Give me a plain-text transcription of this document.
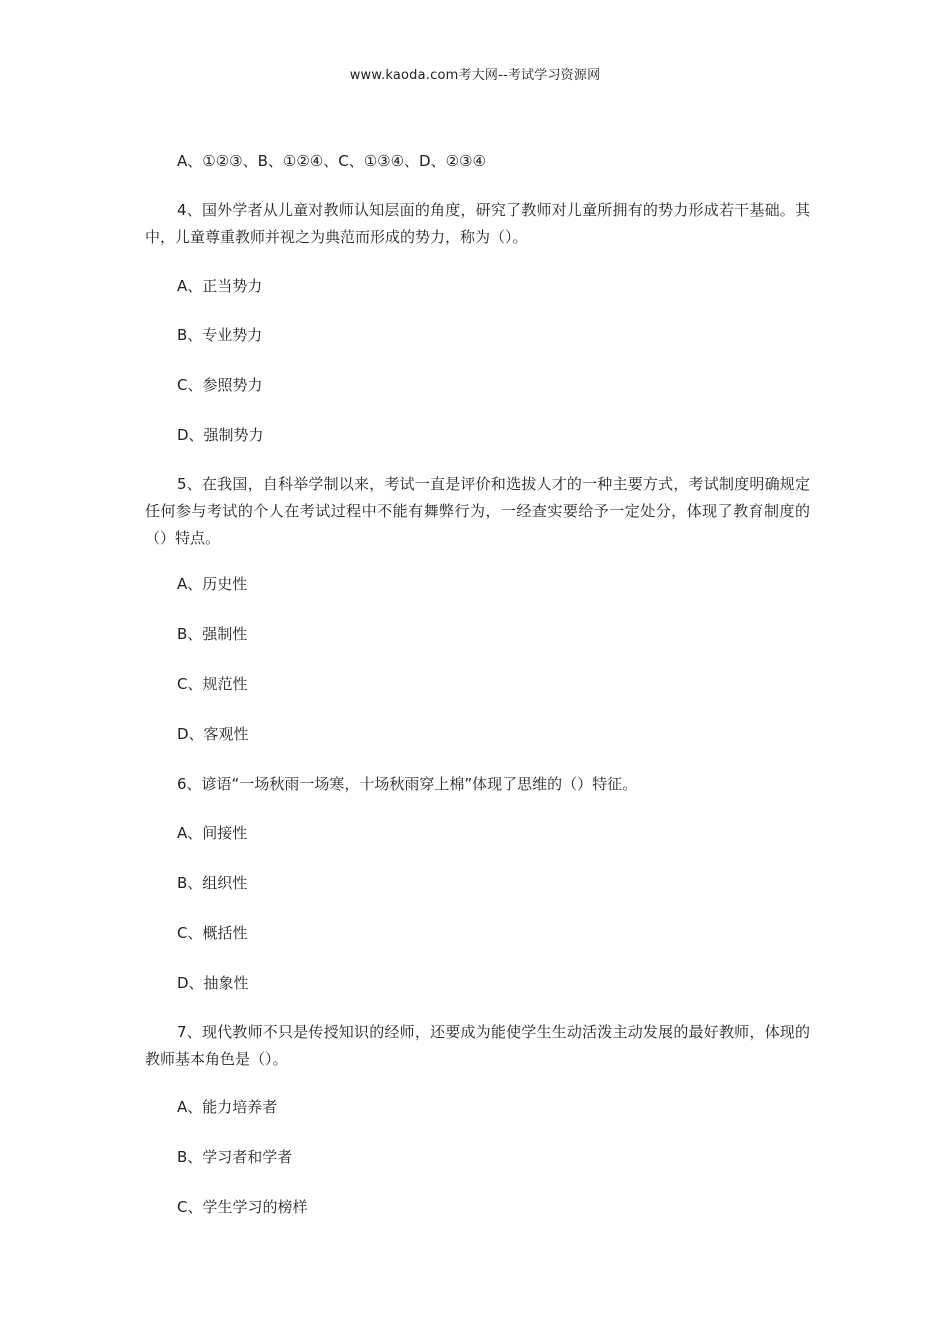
www.kaoda.com考大网--考试学习资源网
A、①②③、B、①②④、C、①③④、D、②③④
4、国外学者从儿童对教师认知层面的角度，研究了教师对儿童所拥有的势力形成若干基础。其中，儿童尊重教师并视之为典范而形成的势力，称为（）。
A、正当势力
B、专业势力
C、参照势力
D、强制势力
5、在我国，自科举学制以来，考试一直是评价和选拔人才的一种主要方式，考试制度明确规定任何参与考试的个人在考试过程中不能有舞弊行为，一经查实要给予一定处分，体现了教育制度的（）特点。
A、历史性
B、强制性
C、规范性
D、客观性
6、谚语“一场秋雨一场寒，十场秋雨穿上棉”体现了思维的（）特征。
A、间接性
B、组织性
C、概括性
D、抽象性
7、现代教师不只是传授知识的经师，还要成为能使学生生动活泼主动发展的最好教师，体现的教师基本角色是（）。
A、能力培养者
B、学习者和学者
C、学生学习的榜样
